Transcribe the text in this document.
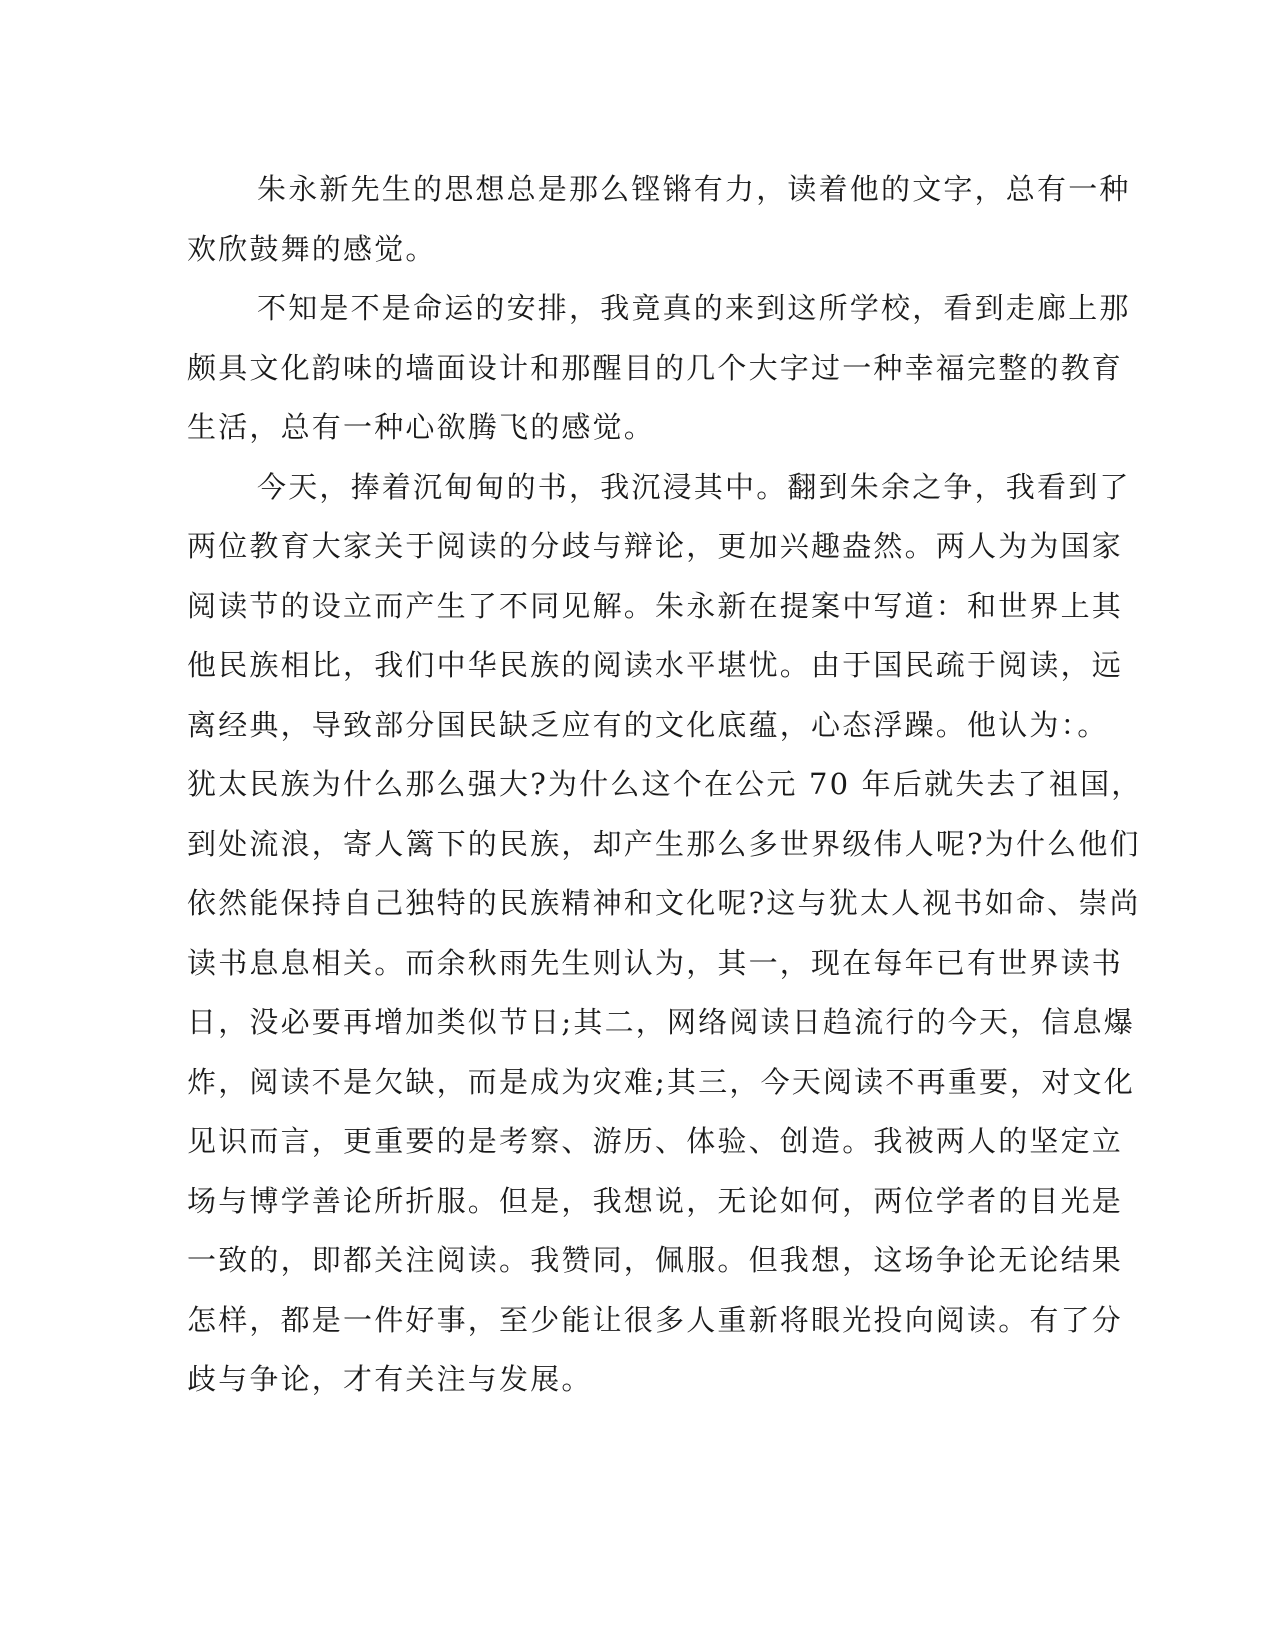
朱永新先生的思想总是那么铿锵有力，读着他的文字，总有一种
欢欣鼓舞的感觉。

不知是不是命运的安排，我竟真的来到这所学校，看到走廊上那
颇具文化韵味的墙面设计和那醒目的几个大字过一种幸福完整的教育
生活，总有一种心欲腾飞的感觉。

今天，捧着沉甸甸的书，我沉浸其中。翻到朱余之争，我看到了
两位教育大家关于阅读的分歧与辩论，更加兴趣盎然。两人为为国家
阅读节的设立而产生了不同见解。朱永新在提案中写道：和世界上其
他民族相比，我们中华民族的阅读水平堪忧。由于国民疏于阅读，远
离经典，导致部分国民缺乏应有的文化底蕴，心态浮躁。他认为：。
犹太民族为什么那么强大?为什么这个在公元 70 年后就失去了祖国，
到处流浪，寄人篱下的民族，却产生那么多世界级伟人呢?为什么他们
依然能保持自己独特的民族精神和文化呢?这与犹太人视书如命、崇尚
读书息息相关。而余秋雨先生则认为，其一，现在每年已有世界读书
日，没必要再增加类似节日;其二，网络阅读日趋流行的今天，信息爆
炸，阅读不是欠缺，而是成为灾难;其三，今天阅读不再重要，对文化
见识而言，更重要的是考察、游历、体验、创造。我被两人的坚定立
场与博学善论所折服。但是，我想说，无论如何，两位学者的目光是
一致的，即都关注阅读。我赞同，佩服。但我想，这场争论无论结果
怎样，都是一件好事，至少能让很多人重新将眼光投向阅读。有了分
歧与争论，才有关注与发展。
